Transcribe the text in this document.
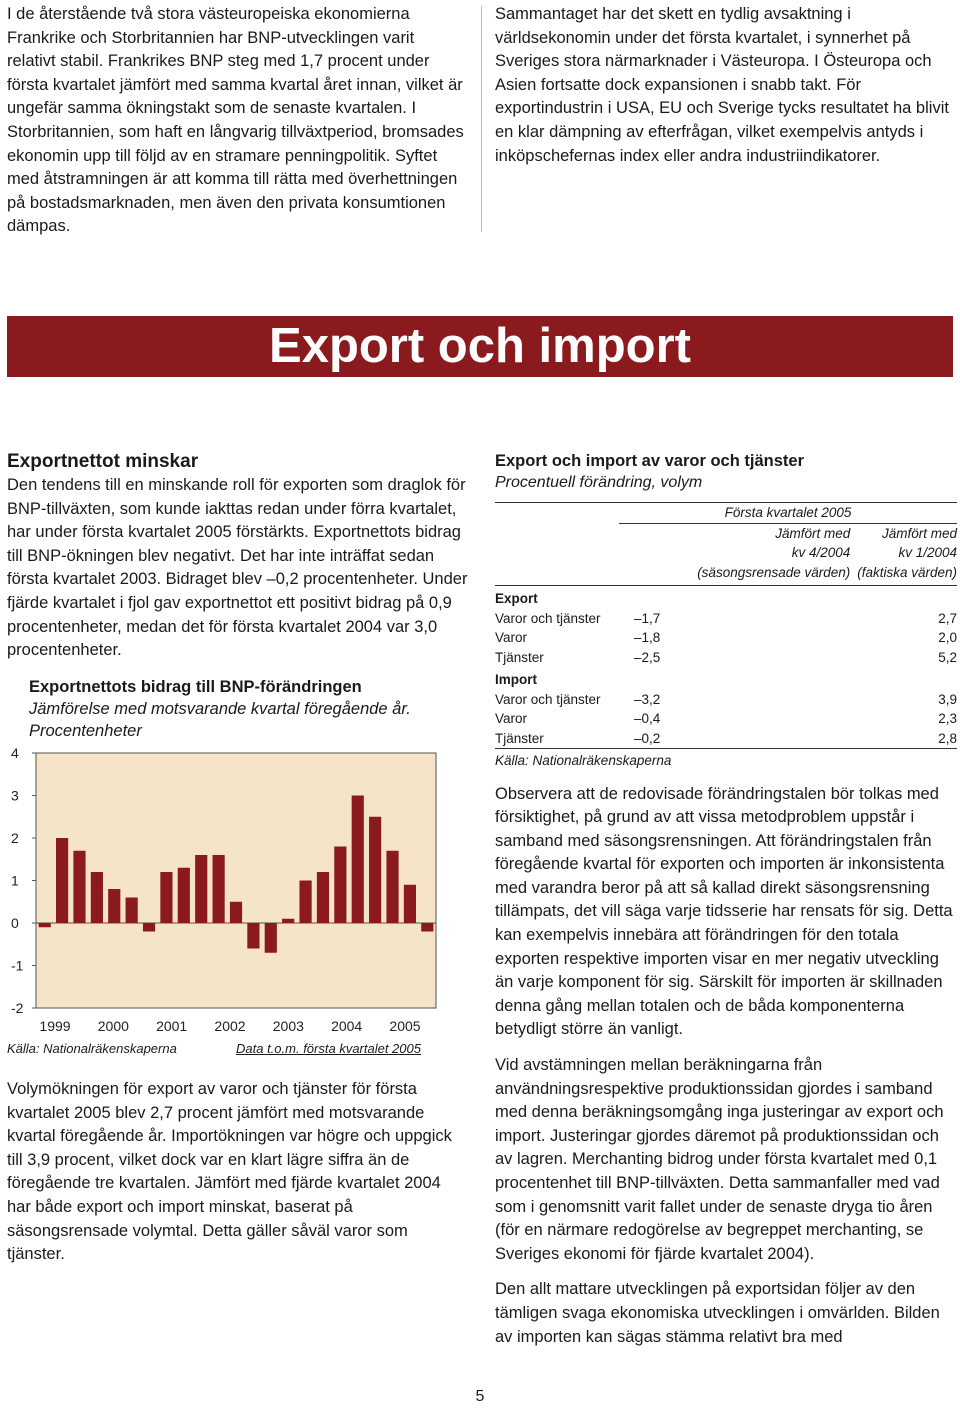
I de återstående två stora västeuropeiska ekonomierna Frankrike och Storbritannien har BNP-utvecklingen varit relativt stabil. Frankrikes BNP steg med 1,7 procent under första kvartalet jämfört med samma kvartal året innan, vilket är ungefär samma ökningstakt som de senaste kvartalen. I Storbritannien, som haft en långvarig tillväxtperiod, bromsades ekonomin upp till följd av en stramare penningpolitik. Syftet med åtstramningen är att komma till rätta med överhettningen på bostadsmarknaden, men även den privata konsumtionen dämpas.

Sammantaget har det skett en tydlig avsaktning i världsekonomin under det första kvartalet, i synnerhet på Sveriges stora närmarknader i Västeuropa. I Östeuropa och Asien fortsatte dock expansionen i snabb takt. För exportindustrin i USA, EU och Sverige tycks resultatet ha blivit en klar dämpning av efterfrågan, vilket exempelvis antyds i inköpschefernas index eller andra industriindikatorer.

Export och import
Exportnettot minskar

Den tendens till en minskande roll för exporten som draglok för BNP-tillväxten, som kunde iakttas redan under förra kvartalet, har under första kvartalet 2005 förstärkts. Exportnettots bidrag till BNP-ökningen blev negativt. Det har inte inträffat sedan första kvartalet 2003. Bidraget blev –0,2 procentenheter. Under fjärde kvartalet i fjol gav exportnettot ett positivt bidrag på 0,9 procentenheter, medan det för första kvartalet 2004 var 3,0 procentenheter.

Exportnettots bidrag till BNP-förändringen

Jämförelse med motsvarande kvartal föregående år.

Procentenheter

4
3
2
1
0
-1
-2
1999 2000 2001 2002 2003 2004 2005
Källa: Nationalräkenskaperna	Data t.o.m. första kvartalet 2005

Volymökningen för export av varor och tjänster för första kvartalet 2005 blev 2,7 procent jämfört med motsvarande kvartal föregående år. Importökningen var högre och uppgick till 3,9 procent, vilket dock var en klart lägre siffra än de föregående tre kvartalen. Jämfört med fjärde kvartalet 2004 har både export och import minskat, baserat på säsongsrensade volymtal. Detta gäller såväl varor som tjänster.

Export och import av varor och tjänster

Procentuell förändring, volym

	Första kvartalet 2005	
	Jämfört med	Jämfört med
	kv 4/2004	kv 1/2004
	(säsongsrensade värden)	(faktiska värden)
Export		
Varor och tjänster	–1,7	2,7
Varor	–1,8	2,0
Tjänster	–2,5	5,2
Import		
Varor och tjänster	–3,2	3,9
Varor	–0,4	2,3
Tjänster	–0,2	2,8
Källa: Nationalräkenskaperna		

Observera att de redovisade förändringstalen bör tolkas med försiktighet, på grund av att vissa metodproblem uppstår i samband med säsongsrensningen. Att förändringstalen från föregående kvartal för exporten och importen är inkonsistenta med varandra beror på att så kallad direkt säsongsrensning tillämpats, det vill säga varje tidsserie har rensats för sig. Detta kan exempelvis innebära att förändringen för den totala exporten respektive importen visar en mer negativ utveckling än varje komponent för sig. Särskilt för importen är skillnaden denna gång mellan totalen och de båda komponenterna betydligt större än vanligt.

Vid avstämningen mellan beräkningarna från användningsrespektive produktionssidan gjordes i samband med denna beräkningsomgång inga justeringar av export och import. Justeringar gjordes däremot på produktionssidan och av lagren. Merchanting bidrog under första kvartalet med 0,1 procentenhet till BNP-tillväxten. Detta sammanfaller med vad som i genomsnitt varit fallet under de senaste dryga tio åren (för en närmare redogörelse av begreppet merchanting, se Sveriges ekonomi för fjärde kvartalet 2004).

Den allt mattare utvecklingen på exportsidan följer av den tämligen svaga ekonomiska utvecklingen i omvärlden. Bilden av importen kan sägas stämma relativt bra med

5
